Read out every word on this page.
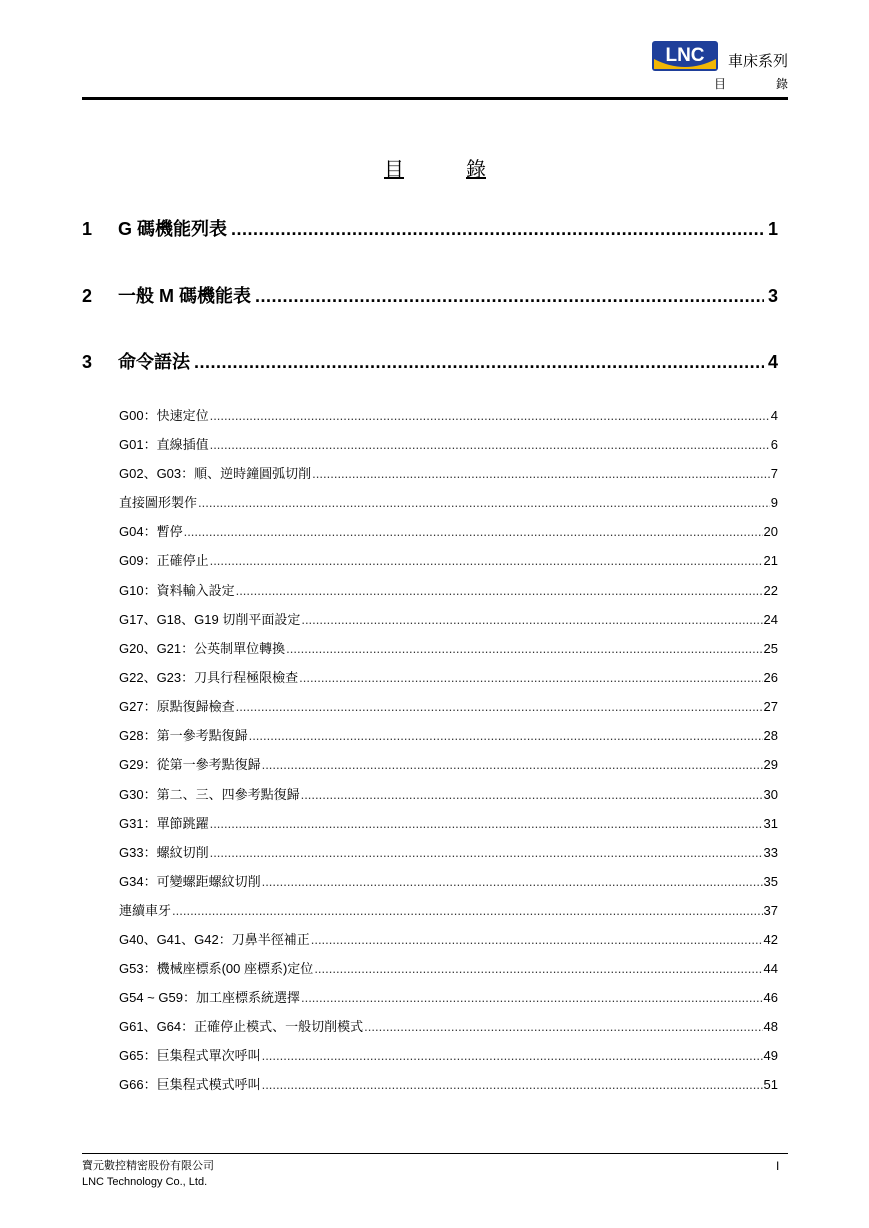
LNC 車床系列
目	錄
目	錄
1	G 碼機能列表 .....	1
2	一般 M 碼機能表 .....	3
3	命令語法 .....	4
G00：快速定位 .....	4
G01：直線插值 .....	6
G02、G03：順、逆時鐘圓弧切削 .....	7
直接圖形製作 .....	9
G04：暫停 .....	20
G09：正確停止 .....	21
G10：資料輸入設定 .....	22
G17、G18、G19 切削平面設定 .....	24
G20、G21：公英制單位轉換 .....	25
G22、G23：刀具行程極限檢查 .....	26
G27：原點復歸檢查 .....	27
G28：第一參考點復歸 .....	28
G29：從第一參考點復歸 .....	29
G30：第二、三、四參考點復歸 .....	30
G31：單節跳躍 .....	31
G33：螺紋切削 .....	33
G34：可變螺距螺紋切削 .....	35
連續車牙 .....	37
G40、G41、G42：刀鼻半徑補正 .....	42
G53：機械座標系(00 座標系)定位 .....	44
G54 ~ G59：加工座標系統選擇 .....	46
G61、G64：正確停止模式、一般切削模式 .....	48
G65：巨集程式單次呼叫 .....	49
G66：巨集程式模式呼叫 .....	51
寶元數控精密股份有限公司
LNC Technology Co., Ltd.
I
